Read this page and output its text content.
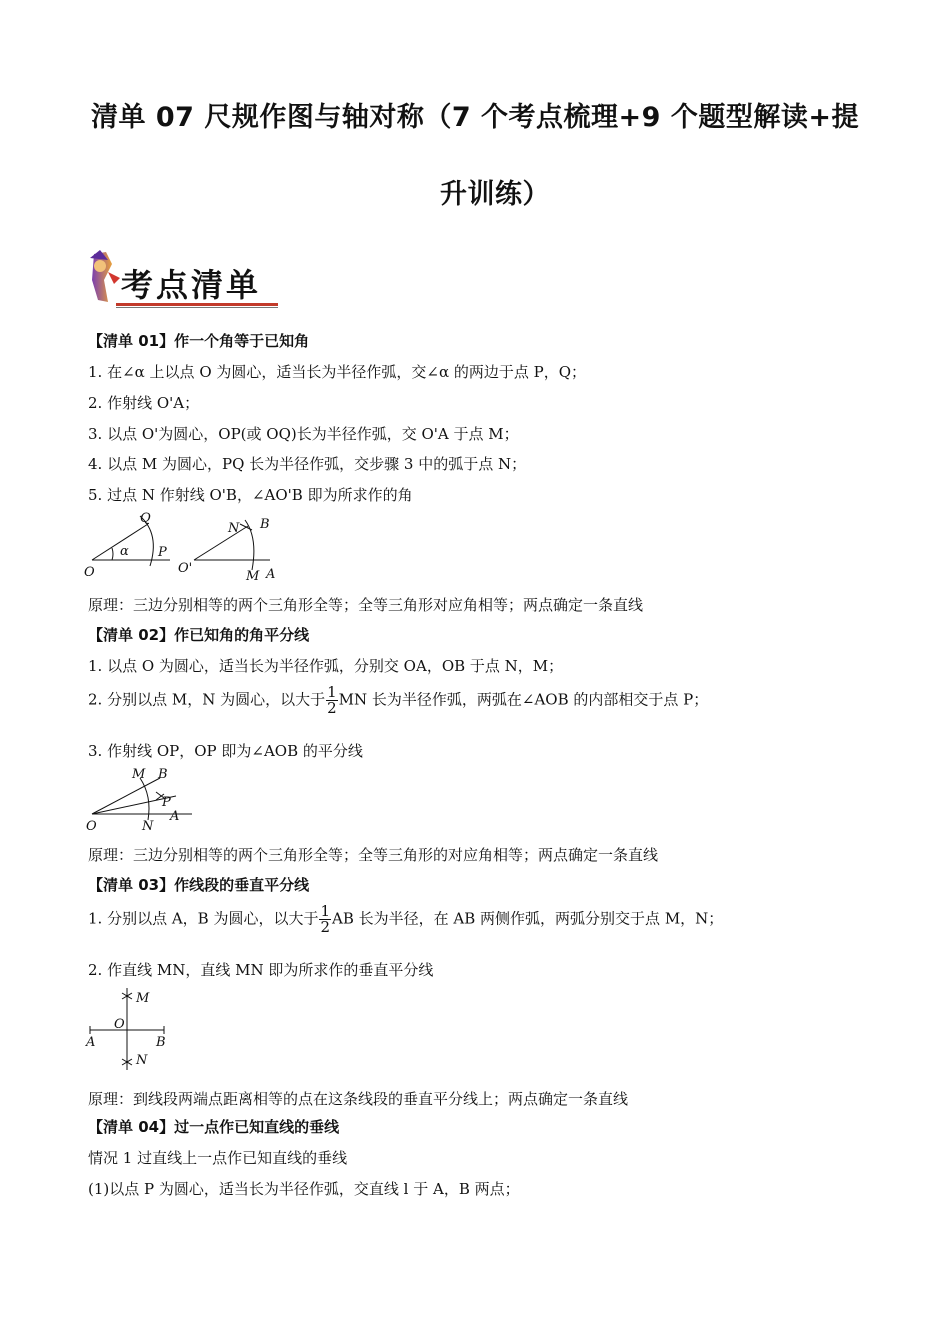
清单 07 尺规作图与轴对称（7 个考点梳理+9 个题型解读+提
升训练）
考点清单
【清单 01】作一个角等于已知角
1. 在∠α 上以点 O 为圆心，适当长为半径作弧，交∠α 的两边于点 P，Q；
2. 作射线 O'A；
3. 以点 O'为圆心，OP(或 OQ)长为半径作弧，交 O'A 于点 M；
4. 以点 M 为圆心，PQ 长为半径作弧，交步骤 3 中的弧于点 N；
5. 过点 N 作射线 O'B，∠AO'B 即为所求作的角
O
P
Q
α
O'
N B
M A
原理：三边分别相等的两个三角形全等；全等三角形对应角相等；两点确定一条直线
【清单 02】作已知角的角平分线
1. 以点 O 为圆心，适当长为半径作弧，分别交 OA，OB 于点 N，M；
2. 分别以点 M，N 为圆心，以大于 $\frac{1}{2}$ MN 长为半径作弧，两弧在∠AOB 的内部相交于点 P；
3. 作射线 OP，OP 即为∠AOB 的平分线
M B
P
O	N
A
原理：三边分别相等的两个三角形全等；全等三角形的对应角相等；两点确定一条直线
【清单 03】作线段的垂直平分线
1. 分别以点 A，B 为圆心，以大于 $\frac{1}{2}$ AB 长为半径，在 AB 两侧作弧，两弧分别交于点 M，N；
2. 作直线 MN，直线 MN 即为所求作的垂直平分线
M
O
A	B
N
原理：到线段两端点距离相等的点在这条线段的垂直平分线上；两点确定一条直线
【清单 04】过一点作已知直线的垂线
情况 1 过直线上一点作已知直线的垂线
(1)以点 P 为圆心，适当长为半径作弧，交直线 l 于 A，B 两点；
